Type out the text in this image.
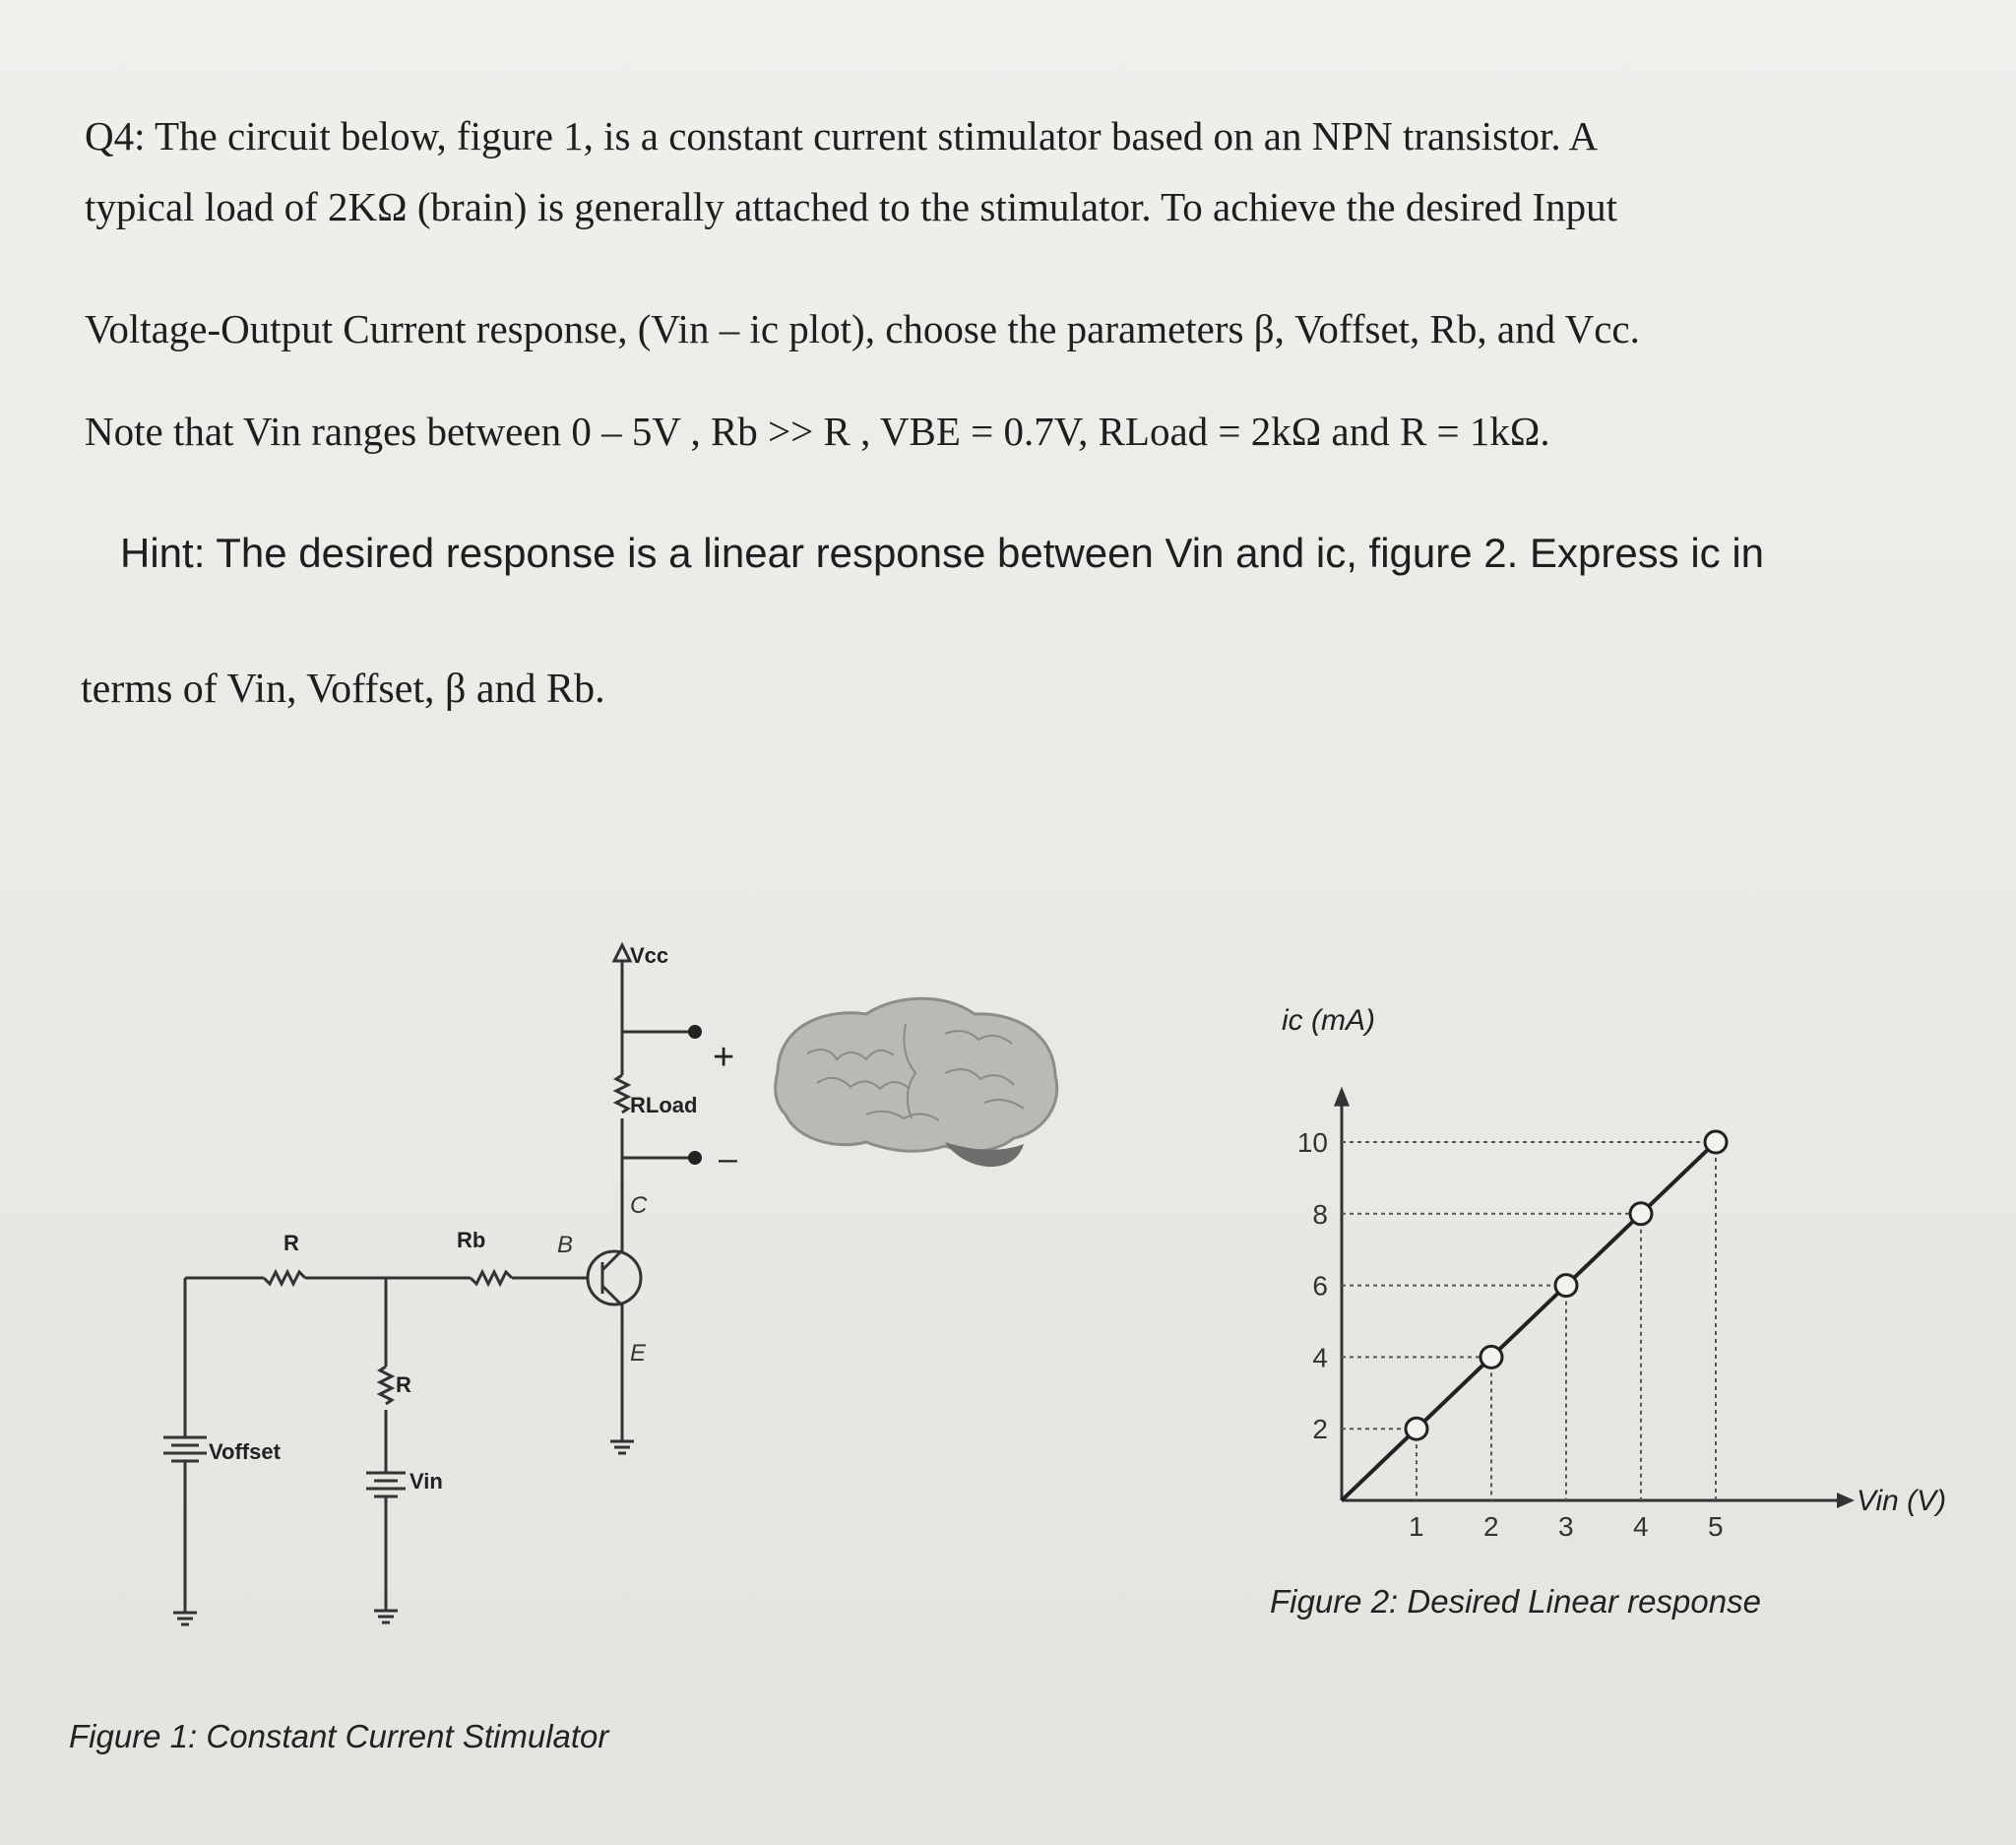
Q4: The circuit below, figure 1, is a constant current stimulator based on an NPN transistor. A
typical load of 2KΩ (brain) is generally attached to the stimulator. To achieve the desired Input
Voltage-Output Current response, (Vin – ic plot), choose the parameters β, Voffset, Rb, and Vcc.
Note that Vin ranges between 0 – 5V , Rb >> R , VBE = 0.7V, RLoad = 2kΩ and R = 1kΩ.
Hint: The desired response is a linear response between Vin and ic, figure 2. Express ic in
terms of Vin, Voffset, β and Rb.
Vcc
RLoad
Rb
R
R
Voffset
Vin
C
B
E
+
–
Figure 1: Constant Current Stimulator
1 2 3 4 5
2
4
6
8
10
ic (mA)
Vin (V)
Figure 2: Desired Linear response
